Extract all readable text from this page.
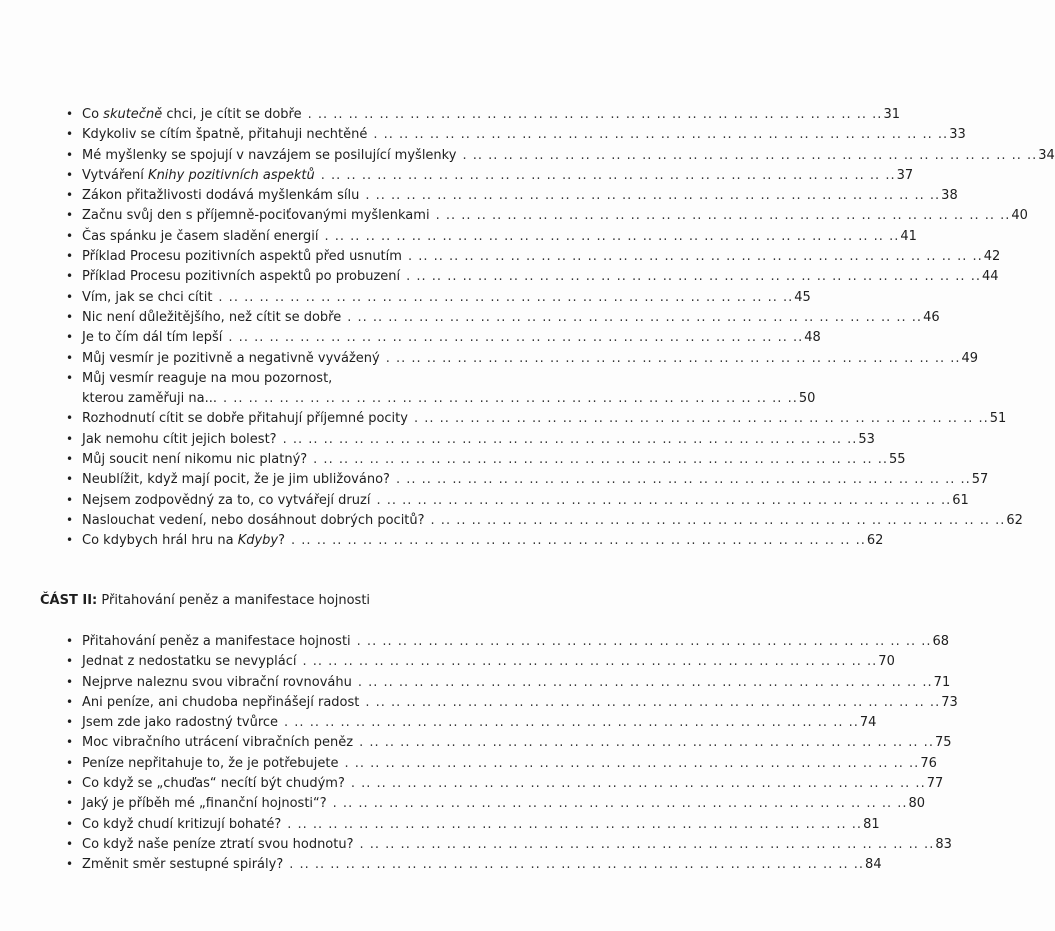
• Co skutečně chci, je cítit se dobře .. .. .. .. .. .. .. .. .. .. .. .. .. .. .. .. .. .. .. .. .. .. .. .. .. .. .. .. .. .. .. .. .. .. .. .. .. . 31
• Kdykoliv se cítím špatně, přitahuji nechtěné .. .. .. .. .. .. .. .. .. .. .. .. .. .. .. .. .. .. .. .. .. .. .. .. .. .. .. .. .. .. .. .. .. .. .. .. .. . 33
• Mé myšlenky se spojují v navzájem se posilující myšlenky .. .. .. .. .. .. .. .. .. .. .. .. .. .. .. .. .. .. .. .. .. .. .. .. .. .. .. .. .. .. .. .. .. .. .. .. .. . 34
• Vytváření Knihy pozitivních aspektů .. .. .. .. .. .. .. .. .. .. .. .. .. .. .. .. .. .. .. .. .. .. .. .. .. .. .. .. .. .. .. .. .. .. .. .. .. . 37
• Zákon přitažlivosti dodává myšlenkám sílu .. .. .. .. .. .. .. .. .. .. .. .. .. .. .. .. .. .. .. .. .. .. .. .. .. .. .. .. .. .. .. .. .. .. .. .. .. . 38
• Začnu svůj den s příjemně-pociťovanými myšlenkami .. .. .. .. .. .. .. .. .. .. .. .. .. .. .. .. .. .. .. .. .. .. .. .. .. .. .. .. .. .. .. .. .. .. .. .. .. . 40
• Čas spánku je časem sladění energií .. .. .. .. .. .. .. .. .. .. .. .. .. .. .. .. .. .. .. .. .. .. .. .. .. .. .. .. .. .. .. .. .. .. .. .. .. . 41
• Příklad Procesu pozitivních aspektů před usnutím .. .. .. .. .. .. .. .. .. .. .. .. .. .. .. .. .. .. .. .. .. .. .. .. .. .. .. .. .. .. .. .. .. .. .. .. .. . 42
• Příklad Procesu pozitivních aspektů po probuzení .. .. .. .. .. .. .. .. .. .. .. .. .. .. .. .. .. .. .. .. .. .. .. .. .. .. .. .. .. .. .. .. .. .. .. .. .. . 44
• Vím, jak se chci cítit .. .. .. .. .. .. .. .. .. .. .. .. .. .. .. .. .. .. .. .. .. .. .. .. .. .. .. .. .. .. .. .. .. .. .. .. .. . 45
• Nic není důležitějšího, než cítit se dobře .. .. .. .. .. .. .. .. .. .. .. .. .. .. .. .. .. .. .. .. .. .. .. .. .. .. .. .. .. .. .. .. .. .. .. .. .. . 46
• Je to čím dál tím lepší .. .. .. .. .. .. .. .. .. .. .. .. .. .. .. .. .. .. .. .. .. .. .. .. .. .. .. .. .. .. .. .. .. .. .. .. .. . 48
• Můj vesmír je pozitivně a negativně vyvážený .. .. .. .. .. .. .. .. .. .. .. .. .. .. .. .. .. .. .. .. .. .. .. .. .. .. .. .. .. .. .. .. .. .. .. .. .. . 49
• Můj vesmír reaguje na mou pozornost,
kterou zaměřuji na... .. .. .. .. .. .. .. .. .. .. .. .. .. .. .. .. .. .. .. .. .. .. .. .. .. .. .. .. .. .. .. .. .. .. .. .. .. . 50
• Rozhodnutí cítit se dobře přitahují příjemné pocity .. .. .. .. .. .. .. .. .. .. .. .. .. .. .. .. .. .. .. .. .. .. .. .. .. .. .. .. .. .. .. .. .. .. .. .. .. . 51
• Jak nemohu cítit jejich bolest? .. .. .. .. .. .. .. .. .. .. .. .. .. .. .. .. .. .. .. .. .. .. .. .. .. .. .. .. .. .. .. .. .. .. .. .. .. . 53
• Můj soucit není nikomu nic platný? .. .. .. .. .. .. .. .. .. .. .. .. .. .. .. .. .. .. .. .. .. .. .. .. .. .. .. .. .. .. .. .. .. .. .. .. .. . 55
• Neublížit, když mají pocit, že je jim ubližováno? .. .. .. .. .. .. .. .. .. .. .. .. .. .. .. .. .. .. .. .. .. .. .. .. .. .. .. .. .. .. .. .. .. .. .. .. .. . 57
• Nejsem zodpovědný za to, co vytvářejí druzí .. .. .. .. .. .. .. .. .. .. .. .. .. .. .. .. .. .. .. .. .. .. .. .. .. .. .. .. .. .. .. .. .. .. .. .. .. . 61
• Naslouchat vedení, nebo dosáhnout dobrých pocitů? .. .. .. .. .. .. .. .. .. .. .. .. .. .. .. .. .. .. .. .. .. .. .. .. .. .. .. .. .. .. .. .. .. .. .. .. .. . 62
• Co kdybych hrál hru na Kdyby? .. .. .. .. .. .. .. .. .. .. .. .. .. .. .. .. .. .. .. .. .. .. .. .. .. .. .. .. .. .. .. .. .. .. .. .. .. . 62
ČÁST II: Přitahování peněz a manifestace hojnosti
• Přitahování peněz a manifestace hojnosti .. .. .. .. .. .. .. .. .. .. .. .. .. .. .. .. .. .. .. .. .. .. .. .. .. .. .. .. .. .. .. .. .. .. .. .. .. . 68
• Jednat z nedostatku se nevyplácí .. .. .. .. .. .. .. .. .. .. .. .. .. .. .. .. .. .. .. .. .. .. .. .. .. .. .. .. .. .. .. .. .. .. .. .. .. . 70
• Nejprve naleznu svou vibrační rovnováhu .. .. .. .. .. .. .. .. .. .. .. .. .. .. .. .. .. .. .. .. .. .. .. .. .. .. .. .. .. .. .. .. .. .. .. .. .. . 71
• Ani peníze, ani chudoba nepřinášejí radost .. .. .. .. .. .. .. .. .. .. .. .. .. .. .. .. .. .. .. .. .. .. .. .. .. .. .. .. .. .. .. .. .. .. .. .. .. . 73
• Jsem zde jako radostný tvůrce .. .. .. .. .. .. .. .. .. .. .. .. .. .. .. .. .. .. .. .. .. .. .. .. .. .. .. .. .. .. .. .. .. .. .. .. .. . 74
• Moc vibračního utrácení vibračních peněz .. .. .. .. .. .. .. .. .. .. .. .. .. .. .. .. .. .. .. .. .. .. .. .. .. .. .. .. .. .. .. .. .. .. .. .. .. . 75
• Peníze nepřitahuje to, že je potřebujete .. .. .. .. .. .. .. .. .. .. .. .. .. .. .. .. .. .. .. .. .. .. .. .. .. .. .. .. .. .. .. .. .. .. .. .. .. . 76
• Co když se „chuďas“ necítí být chudým? .. .. .. .. .. .. .. .. .. .. .. .. .. .. .. .. .. .. .. .. .. .. .. .. .. .. .. .. .. .. .. .. .. .. .. .. .. . 77
• Jaký je příběh mé „finanční hojnosti“? .. .. .. .. .. .. .. .. .. .. .. .. .. .. .. .. .. .. .. .. .. .. .. .. .. .. .. .. .. .. .. .. .. .. .. .. .. . 80
• Co když chudí kritizují bohaté? .. .. .. .. .. .. .. .. .. .. .. .. .. .. .. .. .. .. .. .. .. .. .. .. .. .. .. .. .. .. .. .. .. .. .. .. .. . 81
• Co když naše peníze ztratí svou hodnotu? .. .. .. .. .. .. .. .. .. .. .. .. .. .. .. .. .. .. .. .. .. .. .. .. .. .. .. .. .. .. .. .. .. .. .. .. .. . 83
• Změnit směr sestupné spirály? .. .. .. .. .. .. .. .. .. .. .. .. .. .. .. .. .. .. .. .. .. .. .. .. .. .. .. .. .. .. .. .. .. .. .. .. .. . 84
